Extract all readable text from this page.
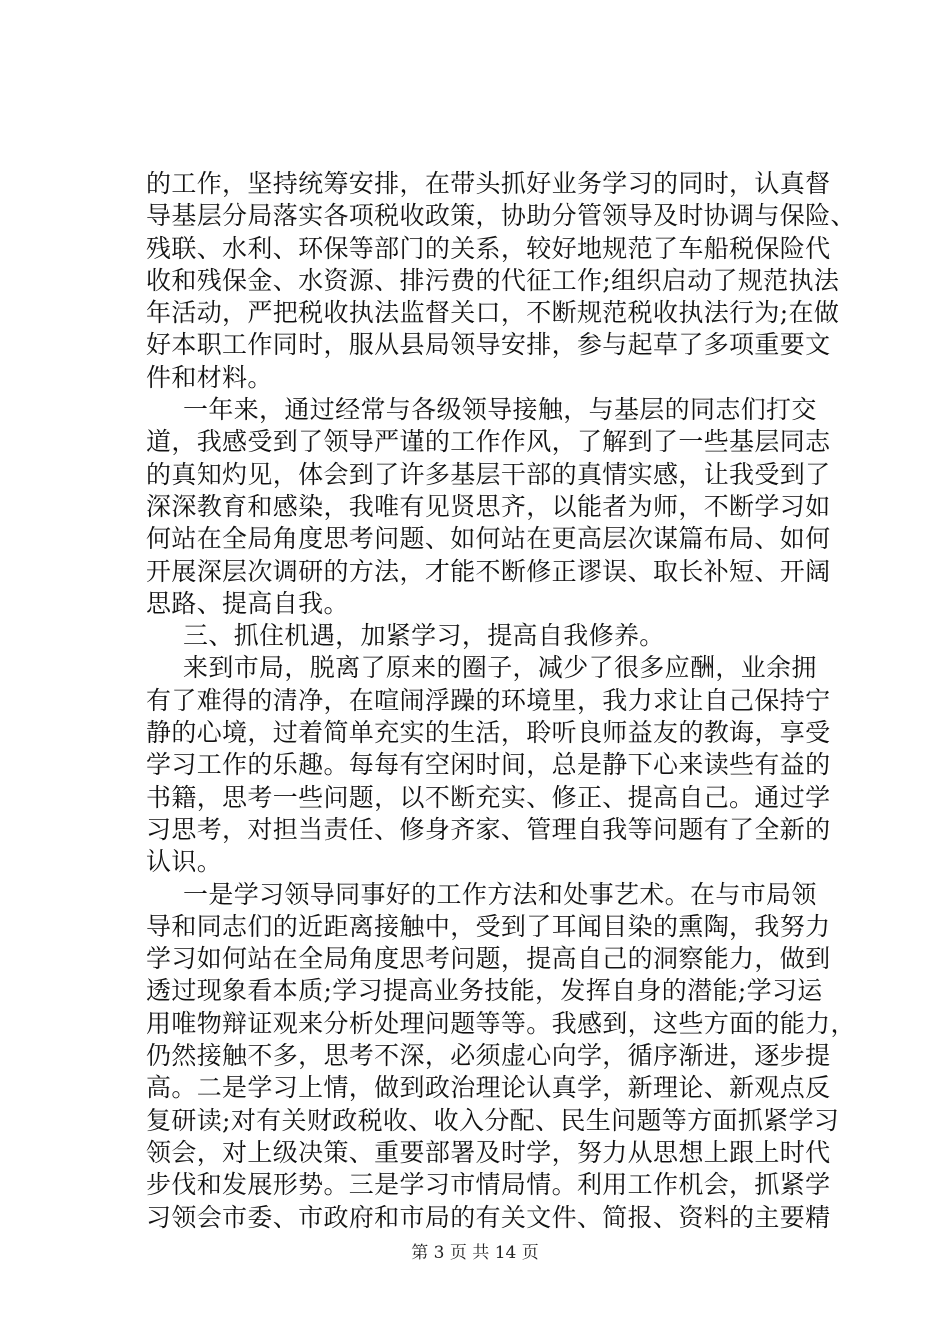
的工作，坚持统筹安排，在带头抓好业务学习的同时，认真督
导基层分局落实各项税收政策，协助分管领导及时协调与保险、
残联、水利、环保等部门的关系，较好地规范了车船税保险代
收和残保金、水资源、排污费的代征工作;组织启动了规范执法
年活动，严把税收执法监督关口，不断规范税收执法行为;在做
好本职工作同时，服从县局领导安排，参与起草了多项重要文
件和材料。
一年来，通过经常与各级领导接触，与基层的同志们打交
道，我感受到了领导严谨的工作作风，了解到了一些基层同志
的真知灼见，体会到了许多基层干部的真情实感，让我受到了
深深教育和感染，我唯有见贤思齐，以能者为师，不断学习如
何站在全局角度思考问题、如何站在更高层次谋篇布局、如何
开展深层次调研的方法，才能不断修正谬误、取长补短、开阔
思路、提高自我。
三、抓住机遇，加紧学习，提高自我修养。
来到市局，脱离了原来的圈子，减少了很多应酬，业余拥
有了难得的清净，在喧闹浮躁的环境里，我力求让自己保持宁
静的心境，过着简单充实的生活，聆听良师益友的教诲，享受
学习工作的乐趣。每每有空闲时间，总是静下心来读些有益的
书籍，思考一些问题，以不断充实、修正、提高自己。通过学
习思考，对担当责任、修身齐家、管理自我等问题有了全新的
认识。
一是学习领导同事好的工作方法和处事艺术。在与市局领
导和同志们的近距离接触中，受到了耳闻目染的熏陶，我努力
学习如何站在全局角度思考问题，提高自己的洞察能力，做到
透过现象看本质;学习提高业务技能，发挥自身的潜能;学习运
用唯物辩证观来分析处理问题等等。我感到，这些方面的能力，
仍然接触不多，思考不深，必须虚心向学，循序渐进，逐步提
高。二是学习上情，做到政治理论认真学，新理论、新观点反
复研读;对有关财政税收、收入分配、民生问题等方面抓紧学习
领会，对上级决策、重要部署及时学，努力从思想上跟上时代
步伐和发展形势。三是学习市情局情。利用工作机会，抓紧学
习领会市委、市政府和市局的有关文件、简报、资料的主要精
第 3 页 共 14 页
